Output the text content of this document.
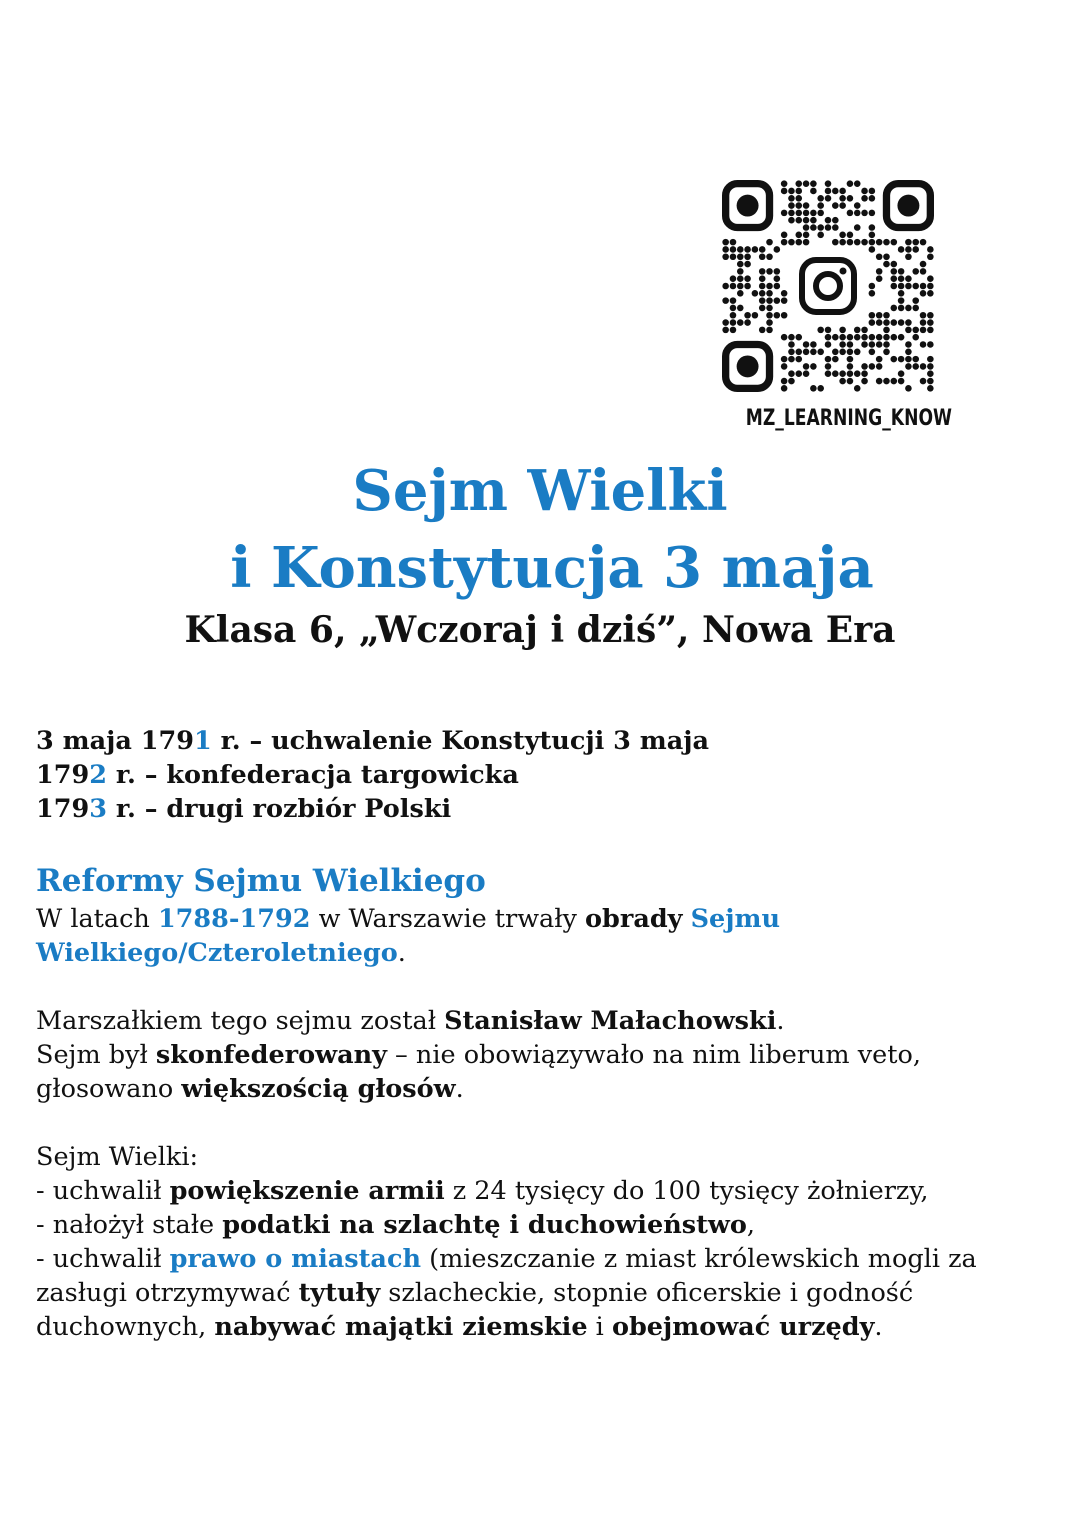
MZ_LEARNING_KNOW
Sejm Wielki
i Konstytucja 3 maja
Klasa 6, „Wczoraj i dziś”, Nowa Era
3 maja 1791 r. – uchwalenie Konstytucji 3 maja
1792 r. – konfederacja targowicka
1793 r. – drugi rozbiór Polski
Reformy Sejmu Wielkiego
W latach 1788-1792 w Warszawie trwały obrady Sejmu Wielkiego/Czteroletniego.
Marszałkiem tego sejmu został Stanisław Małachowski.
Sejm był skonfederowany – nie obowiązywało na nim liberum veto, głosowano większością głosów.
Sejm Wielki:
- uchwalił powiększenie armii z 24 tysięcy do 100 tysięcy żołnierzy,
- nałożył stałe podatki na szlachtę i duchowieństwo,
- uchwalił prawo o miastach (mieszczanie z miast królewskich mogli za zasługi otrzymywać tytuły szlacheckie, stopnie oficerskie i godność duchownych, nabywać majątki ziemskie i obejmować urzędy.
